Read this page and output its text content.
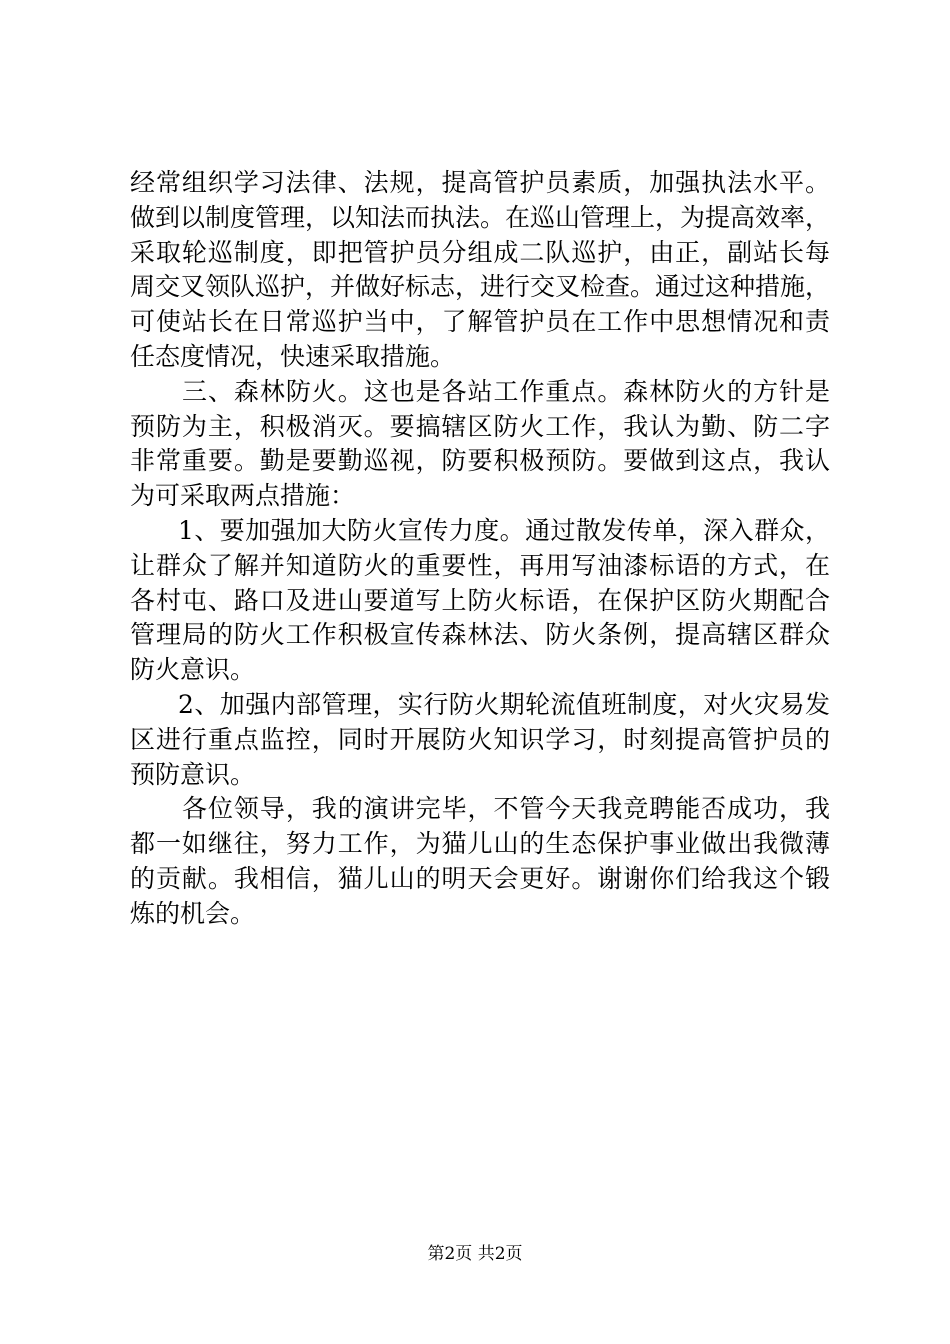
经常组织学习法律、法规，提高管护员素质，加强执法水平。
做到以制度管理，以知法而执法。在巡山管理上，为提高效率，
采取轮巡制度，即把管护员分组成二队巡护，由正，副站长每
周交叉领队巡护，并做好标志，进行交叉检查。通过这种措施，
可使站长在日常巡护当中，了解管护员在工作中思想情况和责
任态度情况，快速采取措施。
三、森林防火。这也是各站工作重点。森林防火的方针是
预防为主，积极消灭。要搞辖区防火工作，我认为勤、防二字
非常重要。勤是要勤巡视，防要积极预防。要做到这点，我认
为可采取两点措施：
1、要加强加大防火宣传力度。通过散发传单，深入群众，
让群众了解并知道防火的重要性，再用写油漆标语的方式，在
各村屯、路口及进山要道写上防火标语，在保护区防火期配合
管理局的防火工作积极宣传森林法、防火条例，提高辖区群众
防火意识。
2、加强内部管理，实行防火期轮流值班制度，对火灾易发
区进行重点监控，同时开展防火知识学习，时刻提高管护员的
预防意识。
各位领导，我的演讲完毕，不管今天我竞聘能否成功，我
都一如继往，努力工作，为猫儿山的生态保护事业做出我微薄
的贡献。我相信，猫儿山的明天会更好。谢谢你们给我这个锻
炼的机会。
第2页 共2页
